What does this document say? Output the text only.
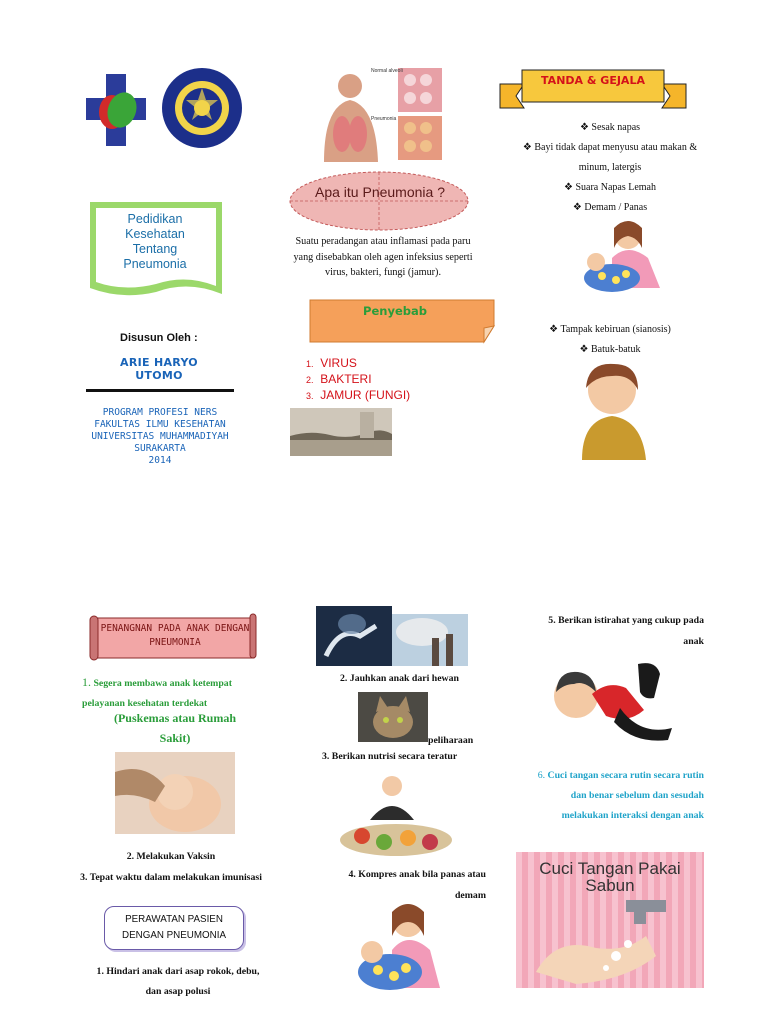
Pedidikan
Kesehatan
Tentang
Pneumonia
Disusun Oleh :
ARIE HARYO UTOMO
PROGRAM PROFESI NERS
FAKULTAS ILMU KESEHATAN
UNIVERSITAS MUHAMMADIYAH
SURAKARTA
2014
Normal alveoli
Pneumonia
Apa itu Pneumonia ?
Suatu peradangan atau inflamasi pada paru yang disebabkan oleh agen infeksius seperti virus, bakteri, fungi (jamur).
Penyebab
1. VIRUS
2. BAKTERI
3. JAMUR (FUNGI)
TANDA & GEJALA
❖ Sesak napas
❖ Bayi tidak dapat menyusu atau makan & minum, latergis
❖ Suara Napas Lemah
❖ Demam / Panas
❖ Tampak kebiruan (sianosis)
❖ Batuk-batuk
PENANGNAN PADA ANAK DENGAN PNEUMONIA
1. Segera membawa anak ketempat pelayanan kesehatan terdekat
(Puskemas atau Rumah Sakit)
2. Melakukan Vaksin
3. Tepat waktu dalam melakukan imunisasi
PERAWATAN PASIEN DENGAN PNEUMONIA
1. Hindari anak dari asap rokok, debu, dan asap polusi
2. Jauhkan anak dari hewan
peliharaan
3. Berikan nutrisi secara teratur
4. Kompres anak bila panas atau demam
5. Berikan istirahat yang cukup pada anak
6. Cuci tangan secara rutin secara rutin dan benar sebelum dan sesudah melakukan interaksi dengan anak
Cuci Tangan Pakai Sabun
